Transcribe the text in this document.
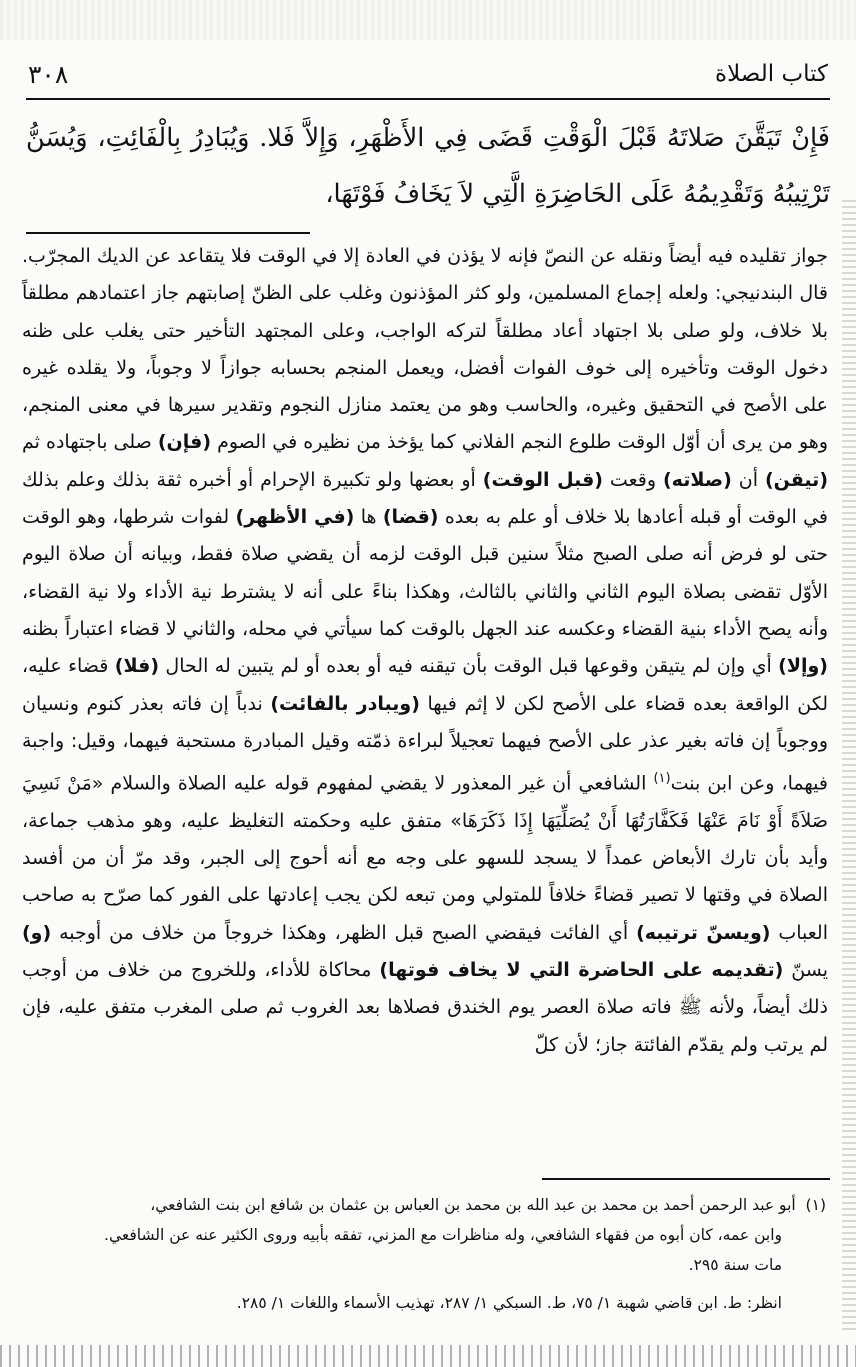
كتاب الصلاة
٣٠٨
فَإِنْ تَيَقَّنَ صَلاتَهُ قَبْلَ الْوَقْتِ قَضَى فِي الأَظْهَرِ، وَإِلاَّ فَلا. وَيُبَادِرُ بِالْفَائِتِ، وَيُسَنُّ تَرْتِيبُهُ وَتَقْدِيمُهُ عَلَى الحَاضِرَةِ الَّتِي لاَ يَخَافُ فَوْتَهَا،
جواز تقليده فيه أيضاً ونقله عن النصّ فإنه لا يؤذن في العادة إلا في الوقت فلا يتقاعد عن الديك المجرّب. قال البندنيجي: ولعله إجماع المسلمين، ولو كثر المؤذنون وغلب على الظنّ إصابتهم جاز اعتمادهم مطلقاً بلا خلاف، ولو صلى بلا اجتهاد أعاد مطلقاً لتركه الواجب، وعلى المجتهد التأخير حتى يغلب على ظنه دخول الوقت وتأخيره إلى خوف الفوات أفضل، ويعمل المنجم بحسابه جوازاً لا وجوباً، ولا يقلده غيره على الأصح في التحقيق وغيره، والحاسب وهو من يعتمد منازل النجوم وتقدير سيرها في معنى المنجم، وهو من يرى أن أوّل الوقت طلوع النجم الفلاني كما يؤخذ من نظيره في الصوم (فإن) صلى باجتهاده ثم (تيقن) أن (صلاته) وقعت (قبل الوقت) أو بعضها ولو تكبيرة الإحرام أو أخبره ثقة بذلك وعلم بذلك في الوقت أو قبله أعادها بلا خلاف أو علم به بعده (قضا) ها (في الأظهر) لفوات شرطها، وهو الوقت حتى لو فرض أنه صلى الصبح مثلاً سنين قبل الوقت لزمه أن يقضي صلاة فقط، وبيانه أن صلاة اليوم الأوّل تقضى بصلاة اليوم الثاني والثاني بالثالث، وهكذا بناءً على أنه لا يشترط نية الأداء ولا نية القضاء، وأنه يصح الأداء بنية القضاء وعكسه عند الجهل بالوقت كما سيأتي في محله، والثاني لا قضاء اعتباراً بظنه (وإلا) أي وإن لم يتيقن وقوعها قبل الوقت بأن تيقنه فيه أو بعده أو لم يتبين له الحال (فلا) قضاء عليه، لكن الواقعة بعده قضاء على الأصح لكن لا إثم فيها (ويبادر بالفائت) ندباً إن فاته بعذر كنوم ونسيان ووجوباً إن فاته بغير عذر على الأصح فيهما تعجيلاً لبراءة ذمّته وقيل المبادرة مستحبة فيهما، وقيل: واجبة فيهما، وعن ابن بنت$^{(١)}$ الشافعي أن غير المعذور لا يقضي لمفهوم قوله عليه الصلاة والسلام «مَنْ نَسِيَ صَلاَةً أَوْ نَامَ عَنْهَا فَكَفَّارَتُهَا أَنْ يُصَلِّيَهَا إِذَا ذَكَرَهَا» متفق عليه وحكمته التغليظ عليه، وهو مذهب جماعة، وأيد بأن تارك الأبعاض عمداً لا يسجد للسهو على وجه مع أنه أحوج إلى الجبر، وقد مرّ أن من أفسد الصلاة في وقتها لا تصير قضاءً خلافاً للمتولي ومن تبعه لكن يجب إعادتها على الفور كما صرّح به صاحب العباب (ويسنّ ترتيبه) أي الفائت فيقضي الصبح قبل الظهر، وهكذا خروجاً من خلاف من أوجبه (و) يسنّ (تقديمه على الحاضرة التي لا يخاف فوتها) محاكاة للأداء، وللخروج من خلاف من أوجب ذلك أيضاً، ولأنه ﷺ فاته صلاة العصر يوم الخندق فصلاها بعد الغروب ثم صلى المغرب متفق عليه، فإن لم يرتب ولم يقدّم الفائتة جاز؛ لأن كلّ
(١)  أبو عبد الرحمن أحمد بن محمد بن عبد الله بن محمد بن العباس بن عثمان بن شافع ابن بنت الشافعي،
وابن عمه، كان أبوه من فقهاء الشافعي، وله مناظرات مع المزني، تفقه بأبيه وروى الكثير عنه عن الشافعي.
مات سنة ٢٩٥.
انظر: ط. ابن قاضي شهبة ١/ ٧٥، ط. السبكي ١/ ٢٨٧، تهذيب الأسماء واللغات ١/ ٢٨٥.
